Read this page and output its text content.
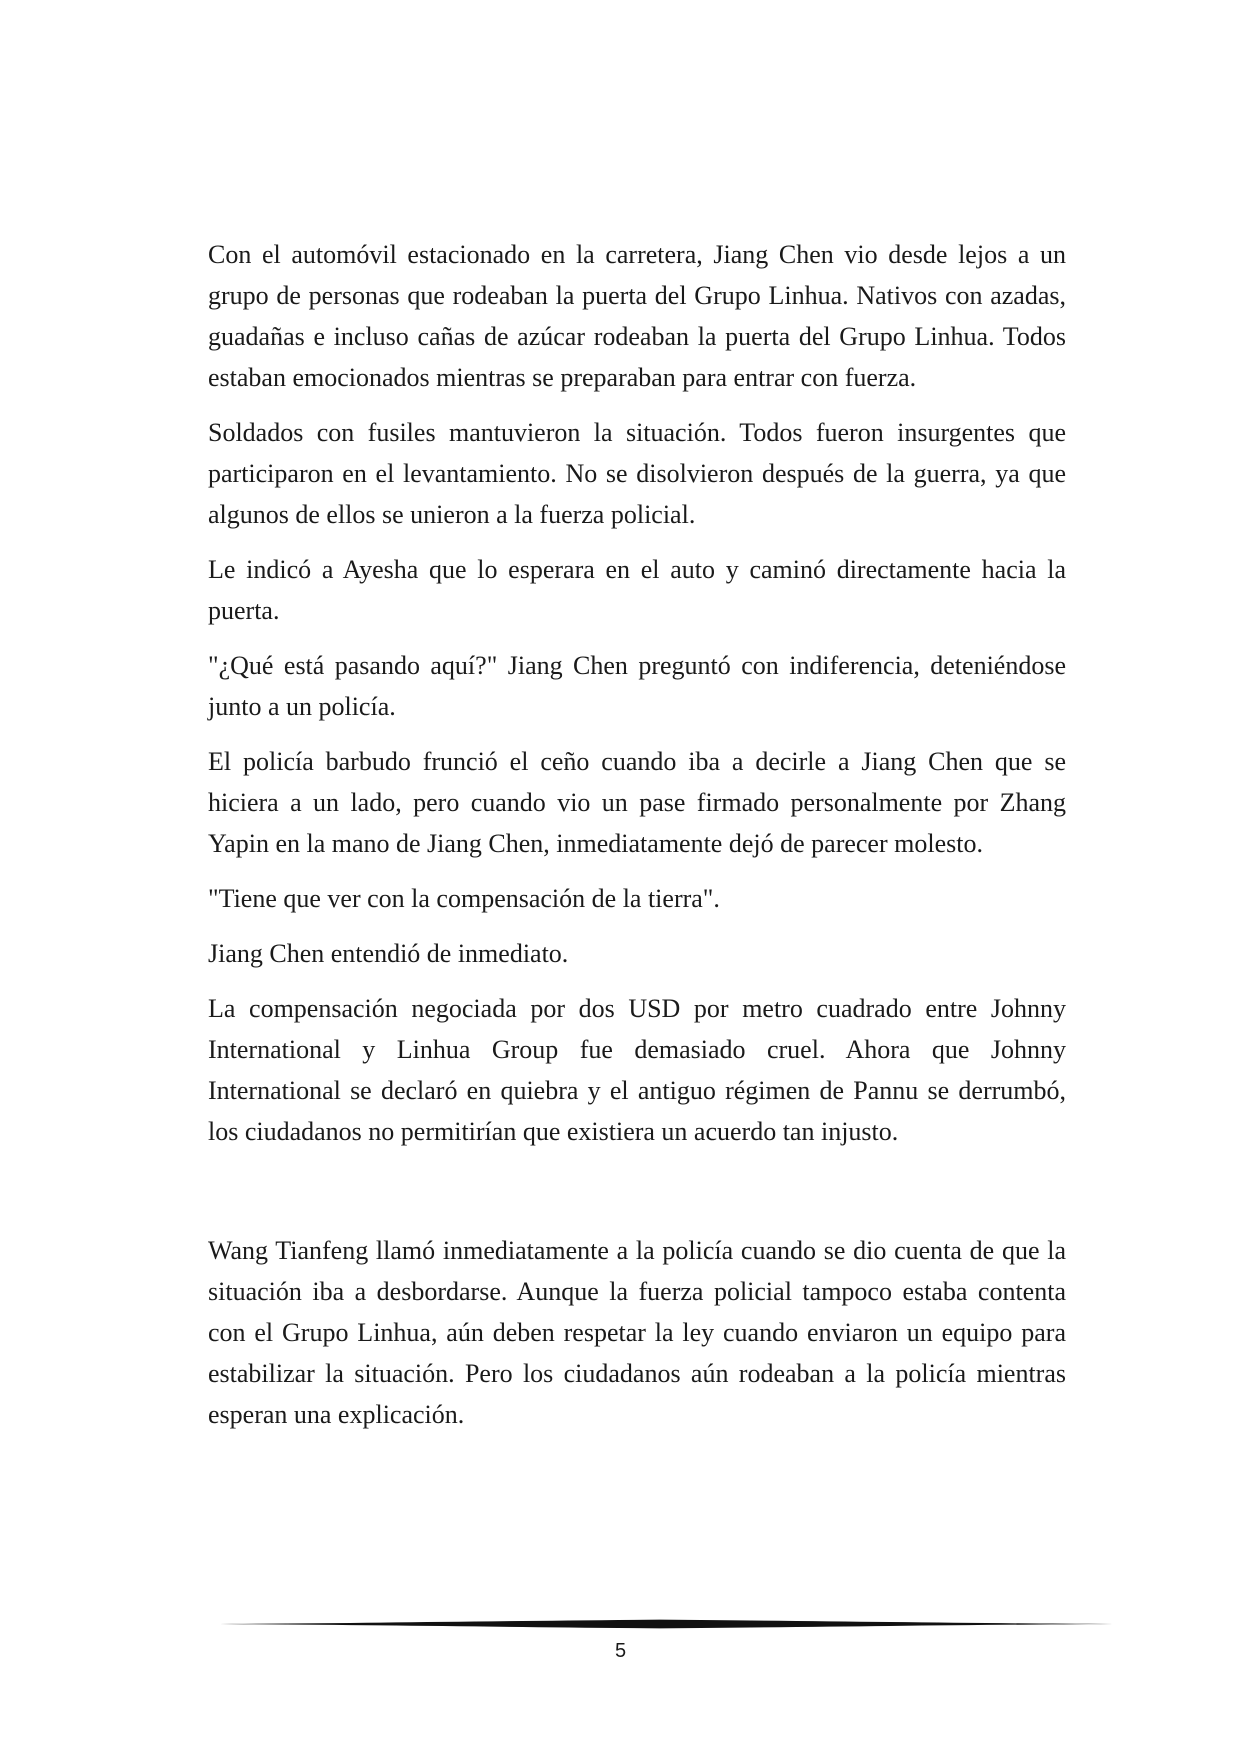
Con el automóvil estacionado en la carretera, Jiang Chen vio desde lejos a un grupo de personas que rodeaban la puerta del Grupo Linhua. Nativos con azadas, guadañas e incluso cañas de azúcar rodeaban la puerta del Grupo Linhua. Todos estaban emocionados mientras se preparaban para entrar con fuerza.

Soldados con fusiles mantuvieron la situación. Todos fueron insurgentes que participaron en el levantamiento. No se disolvieron después de la guerra, ya que algunos de ellos se unieron a la fuerza policial.

Le indicó a Ayesha que lo esperara en el auto y caminó directamente hacia la puerta.

"¿Qué está pasando aquí?" Jiang Chen preguntó con indiferencia, deteniéndose junto a un policía.

El policía barbudo frunció el ceño cuando iba a decirle a Jiang Chen que se hiciera a un lado, pero cuando vio un pase firmado personalmente por Zhang Yapin en la mano de Jiang Chen, inmediatamente dejó de parecer molesto.

"Tiene que ver con la compensación de la tierra".

Jiang Chen entendió de inmediato.

La compensación negociada por dos USD por metro cuadrado entre Johnny International y Linhua Group fue demasiado cruel. Ahora que Johnny International se declaró en quiebra y el antiguo régimen de Pannu se derrumbó, los ciudadanos no permitirían que existiera un acuerdo tan injusto.

Wang Tianfeng llamó inmediatamente a la policía cuando se dio cuenta de que la situación iba a desbordarse. Aunque la fuerza policial tampoco estaba contenta con el Grupo Linhua, aún deben respetar la ley cuando enviaron un equipo para estabilizar la situación. Pero los ciudadanos aún rodeaban a la policía mientras esperan una explicación.

5
